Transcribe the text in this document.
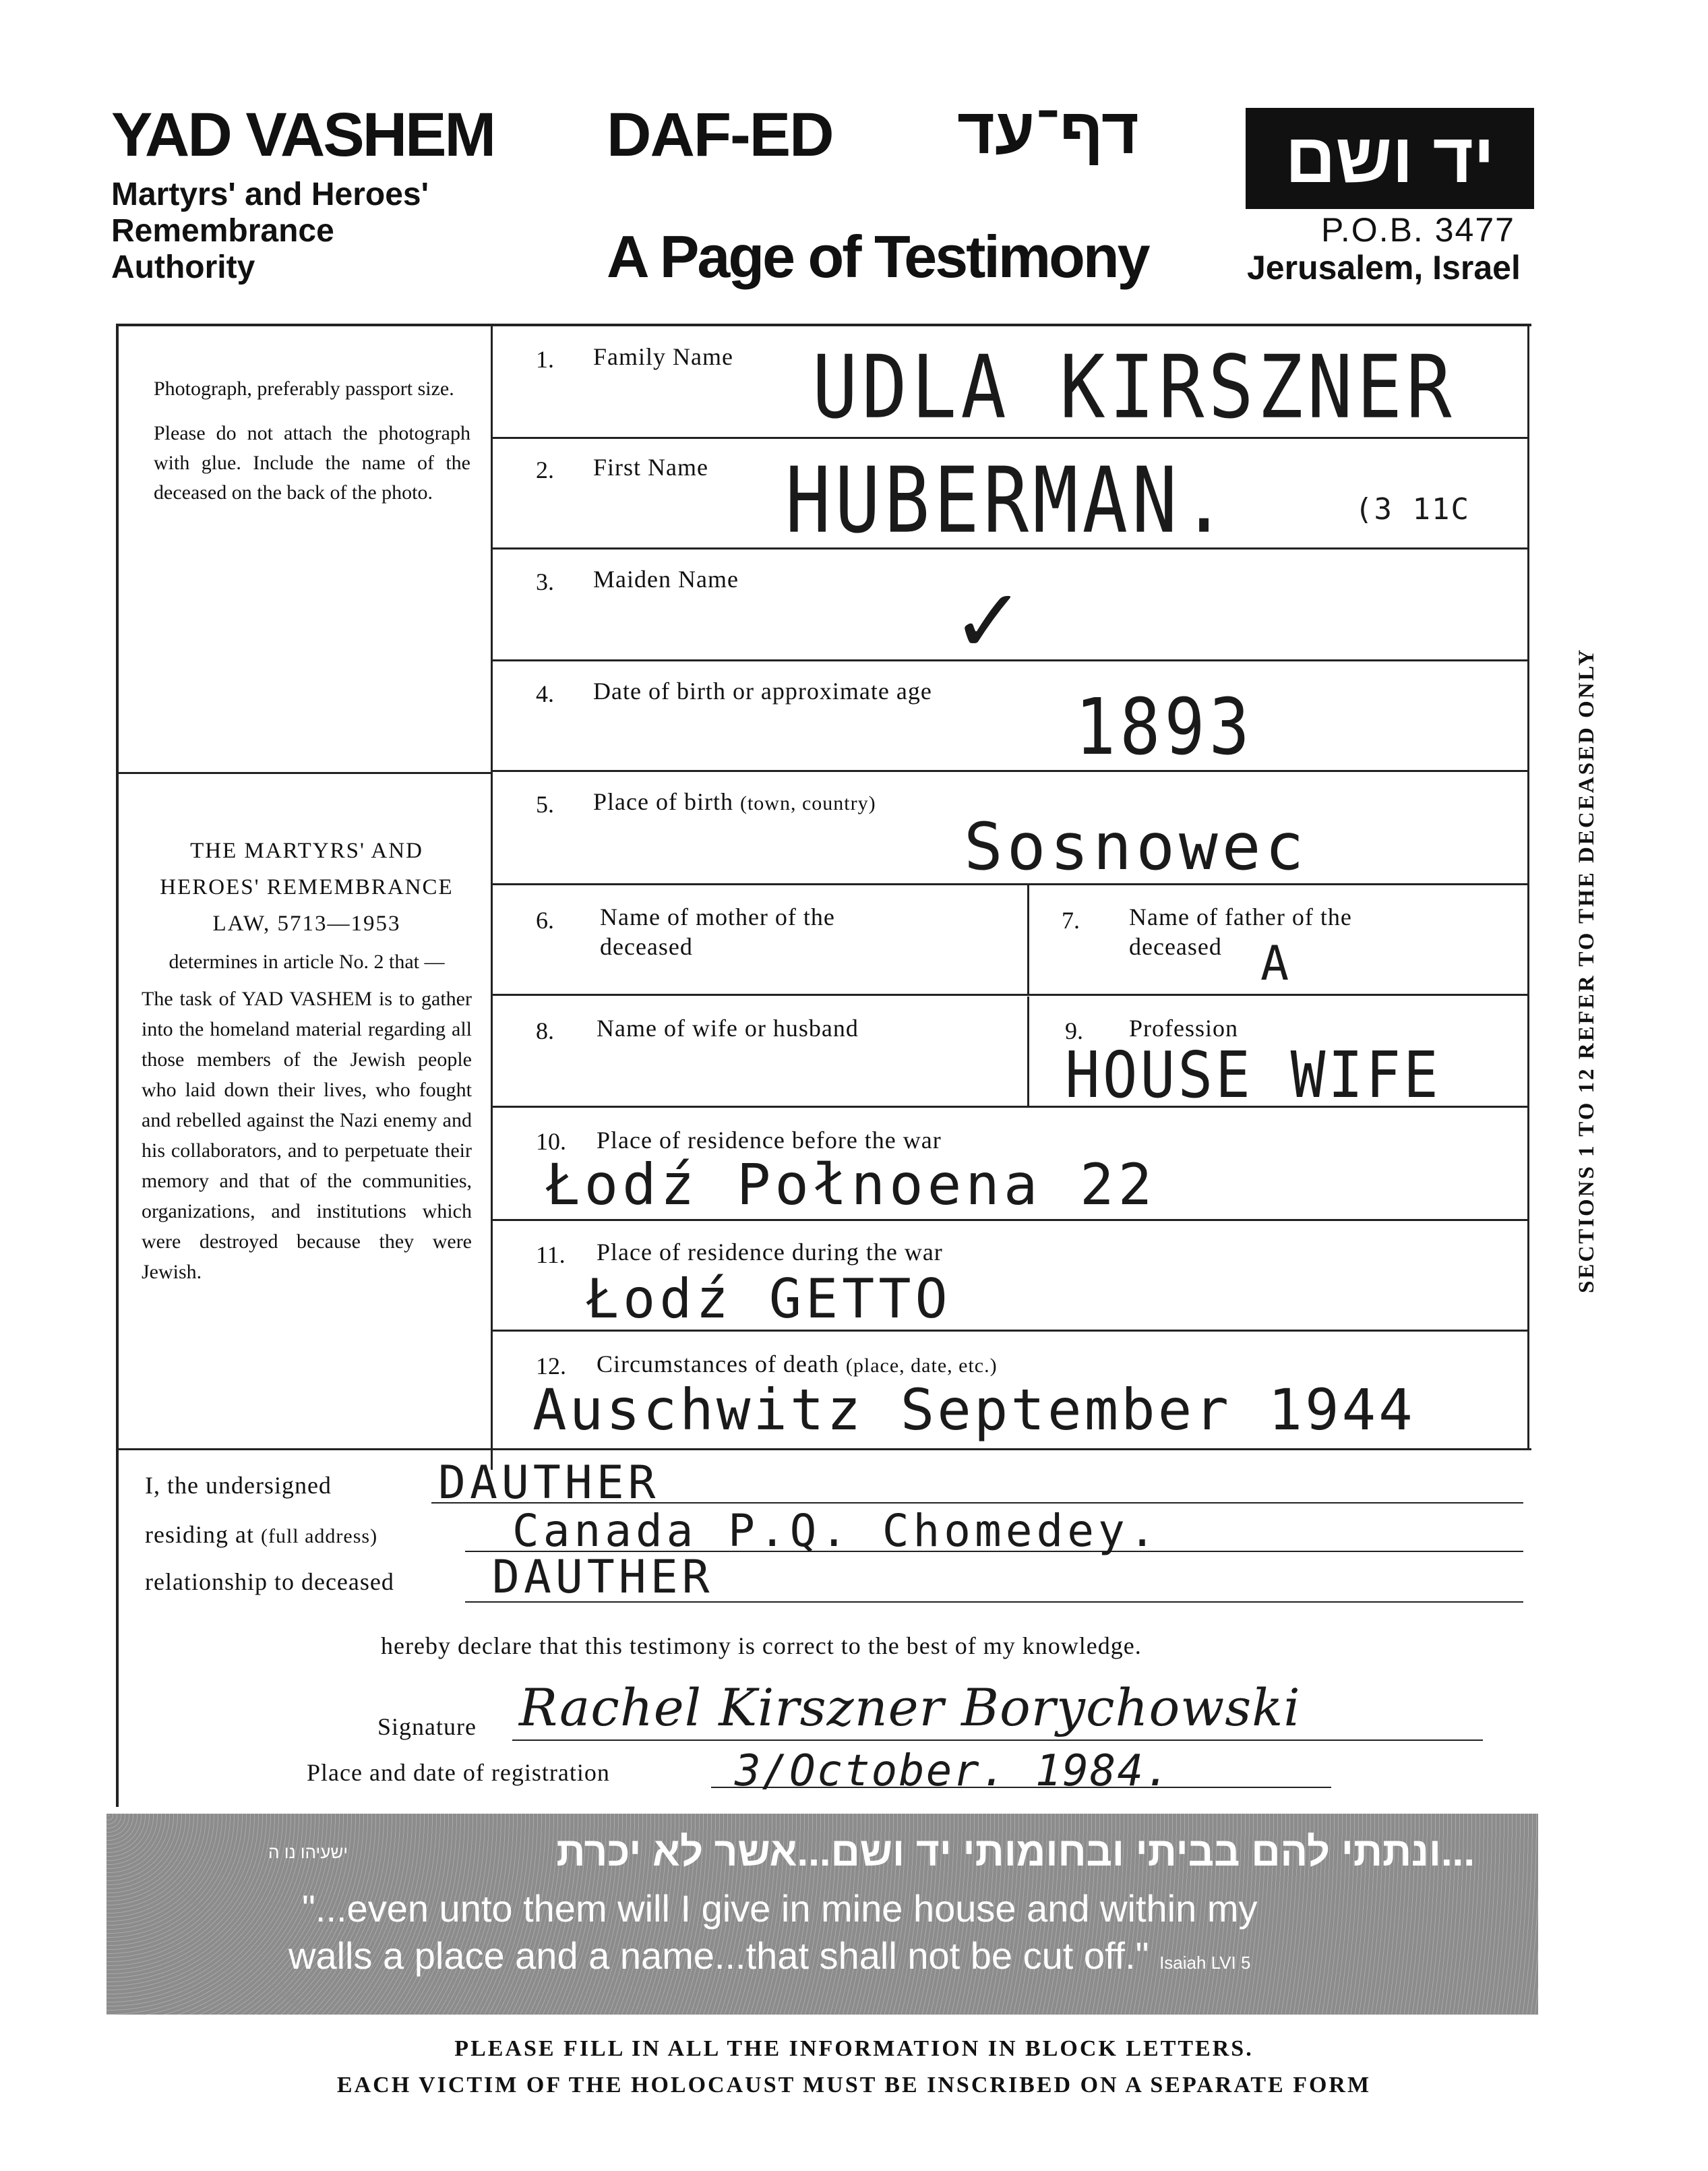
YAD VASHEM
Martyrs' and Heroes'
Remembrance
Authority
DAF-ED דף־עד
A Page of Testimony
יד ושם
P.O.B. 3477
Jerusalem, Israel
Photograph, preferably passport size.
Please do not attach the photograph with glue. Include the name of the deceased on the back of the photo.
THE MARTYRS' AND
HEROES' REMEMBRANCE
LAW, 5713—1953
determines in article No. 2 that —
The task of YAD VASHEM is to gather into the homeland material regarding all those members of the Jewish people who laid down their lives, who fought and rebelled against the Nazi enemy and his collaborators, and to perpetuate their memory and that of the communities, organizations, and institutions which were destroyed because they were Jewish.	SECTIONS 1 TO 12 REFER TO THE DECEASED ONLY
1. Family Name UDLA KIRSZNER
2. First Name HUBERMAN.	(3 11C
3. Maiden Name ✓
4. Date of birth or approximate age 1893
5. Place of birth (town, country)
Sosnowec
6. Name of mother of the deceased
7. Name of father of the deceased A
8. Name of wife or husband	9. Profession
HOUSE WIFE
10. Place of residence before the war
Łodź Połnoena 22
11. Place of residence during the war
Łodź GETTO
12. Circumstances of death (place, date, etc.)
Auschwitz September 1944
I, the undersigned DAUTHER
residing at (full address)	Canada P.Q. Chomedey.
relationship to deceased DAUTHER
hereby declare that this testimony is correct to the best of my knowledge.
Signature Rachel Kirszner Borychowski
Place and date of registration	3/October. 1984.
...ונתתי להם בביתי ובחומותי יד ושם...אשר לא יכרת
ישעיהו נו ה
"...even unto them will I give in mine house and within my
walls a place and a name...that shall not be cut off." Isaiah LVI 5
PLEASE FILL IN ALL THE INFORMATION IN BLOCK LETTERS.
EACH VICTIM OF THE HOLOCAUST MUST BE INSCRIBED ON A SEPARATE FORM
